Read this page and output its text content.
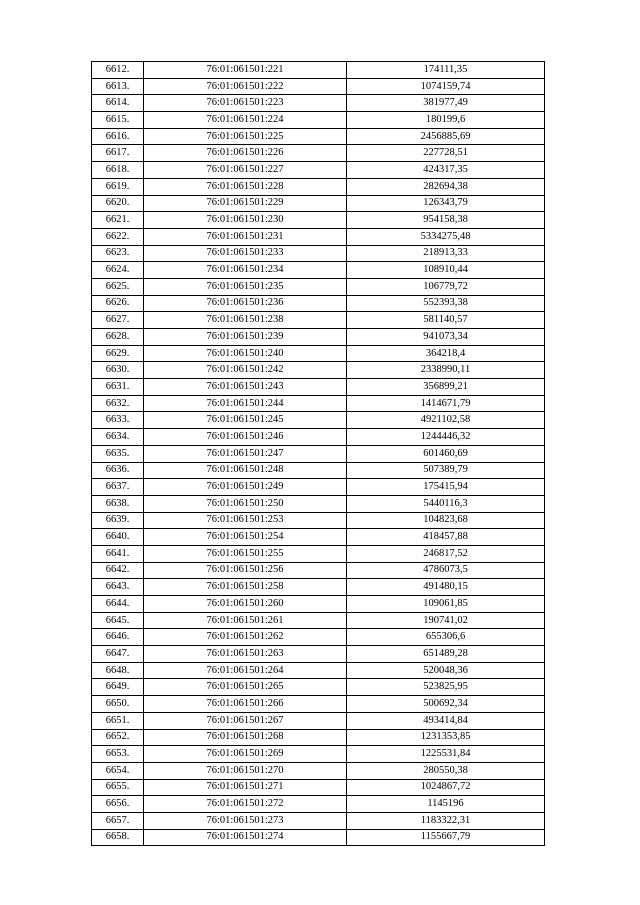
6612.	76:01:061501:221	174111,35
6613.	76:01:061501:222	1074159,74
6614.	76:01:061501:223	381977,49
6615.	76:01:061501:224	180199,6
6616.	76:01:061501:225	2456885,69
6617.	76:01:061501:226	227728,51
6618.	76:01:061501:227	424317,35
6619.	76:01:061501:228	282694,38
6620.	76:01:061501:229	126343,79
6621.	76:01:061501:230	954158,38
6622.	76:01:061501:231	5334275,48
6623.	76:01:061501:233	218913,33
6624.	76:01:061501:234	108910,44
6625.	76:01:061501:235	106779,72
6626.	76:01:061501:236	552393,38
6627.	76:01:061501:238	581140,57
6628.	76:01:061501:239	941073,34
6629.	76:01:061501:240	364218,4
6630.	76:01:061501:242	2338990,11
6631.	76:01:061501:243	356899,21
6632.	76:01:061501:244	1414671,79
6633.	76:01:061501:245	4921102,58
6634.	76:01:061501:246	1244446,32
6635.	76:01:061501:247	601460,69
6636.	76:01:061501:248	507389,79
6637.	76:01:061501:249	175415,94
6638.	76:01:061501:250	5440116,3
6639.	76:01:061501:253	104823,68
6640.	76:01:061501:254	418457,88
6641.	76:01:061501:255	246817,52
6642.	76:01:061501:256	4786073,5
6643.	76:01:061501:258	491480,15
6644.	76:01:061501:260	109061,85
6645.	76:01:061501:261	190741,02
6646.	76:01:061501:262	655306,6
6647.	76:01:061501:263	651489,28
6648.	76:01:061501:264	520048,36
6649.	76:01:061501:265	523825,95
6650.	76:01:061501:266	500692,34
6651.	76:01:061501:267	493414,84
6652.	76:01:061501:268	1231353,85
6653.	76:01:061501:269	1225531,84
6654.	76:01:061501:270	280550,38
6655.	76:01:061501:271	1024867,72
6656.	76:01:061501:272	1145196
6657.	76:01:061501:273	1183322,31
6658.	76:01:061501:274	1155667,79
